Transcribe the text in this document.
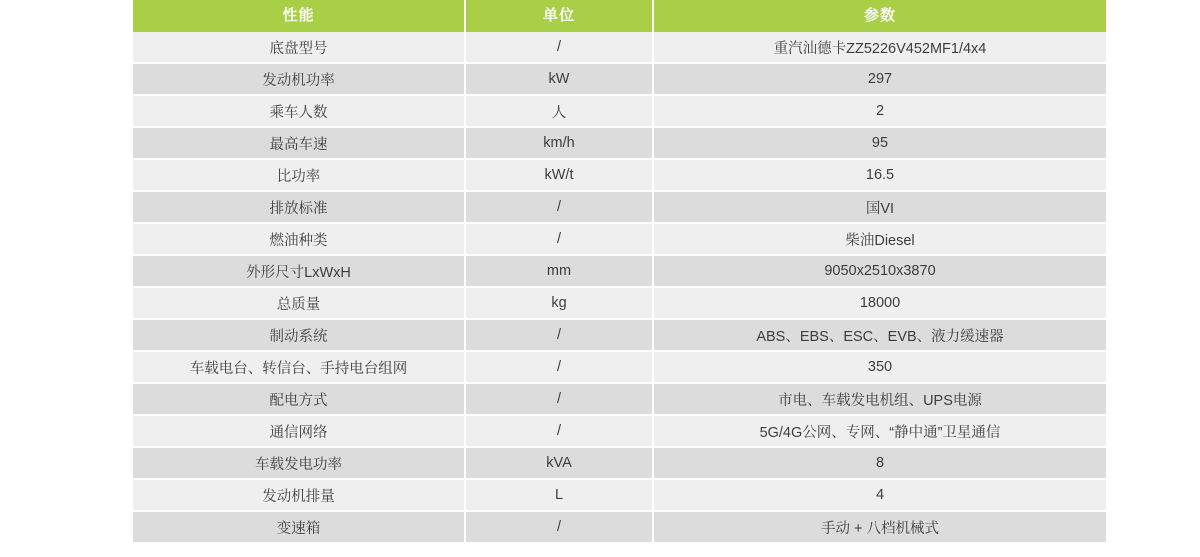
性能	单位	参数
底盘型号	/	重汽汕德卡ZZ5226V452MF1/4x4
发动机功率	kW	297
乘车人数	人	2
最高车速	km/h	95
比功率	kW/t	16.5
排放标准	/	国VI
燃油种类	/	柴油Diesel
外形尺寸LxWxH	mm	9050x2510x3870
总质量	kg	18000
制动系统	/	ABS、EBS、ESC、EVB、液力缓速器
车载电台、转信台、手持电台组网	/	350
配电方式	/	市电、车载发电机组、UPS电源
通信网络	/	5G/4G公网、专网、“静中通”卫星通信
车载发电功率	kVA	8
发动机排量	L	4
变速箱	/	手动 + 八档机械式
